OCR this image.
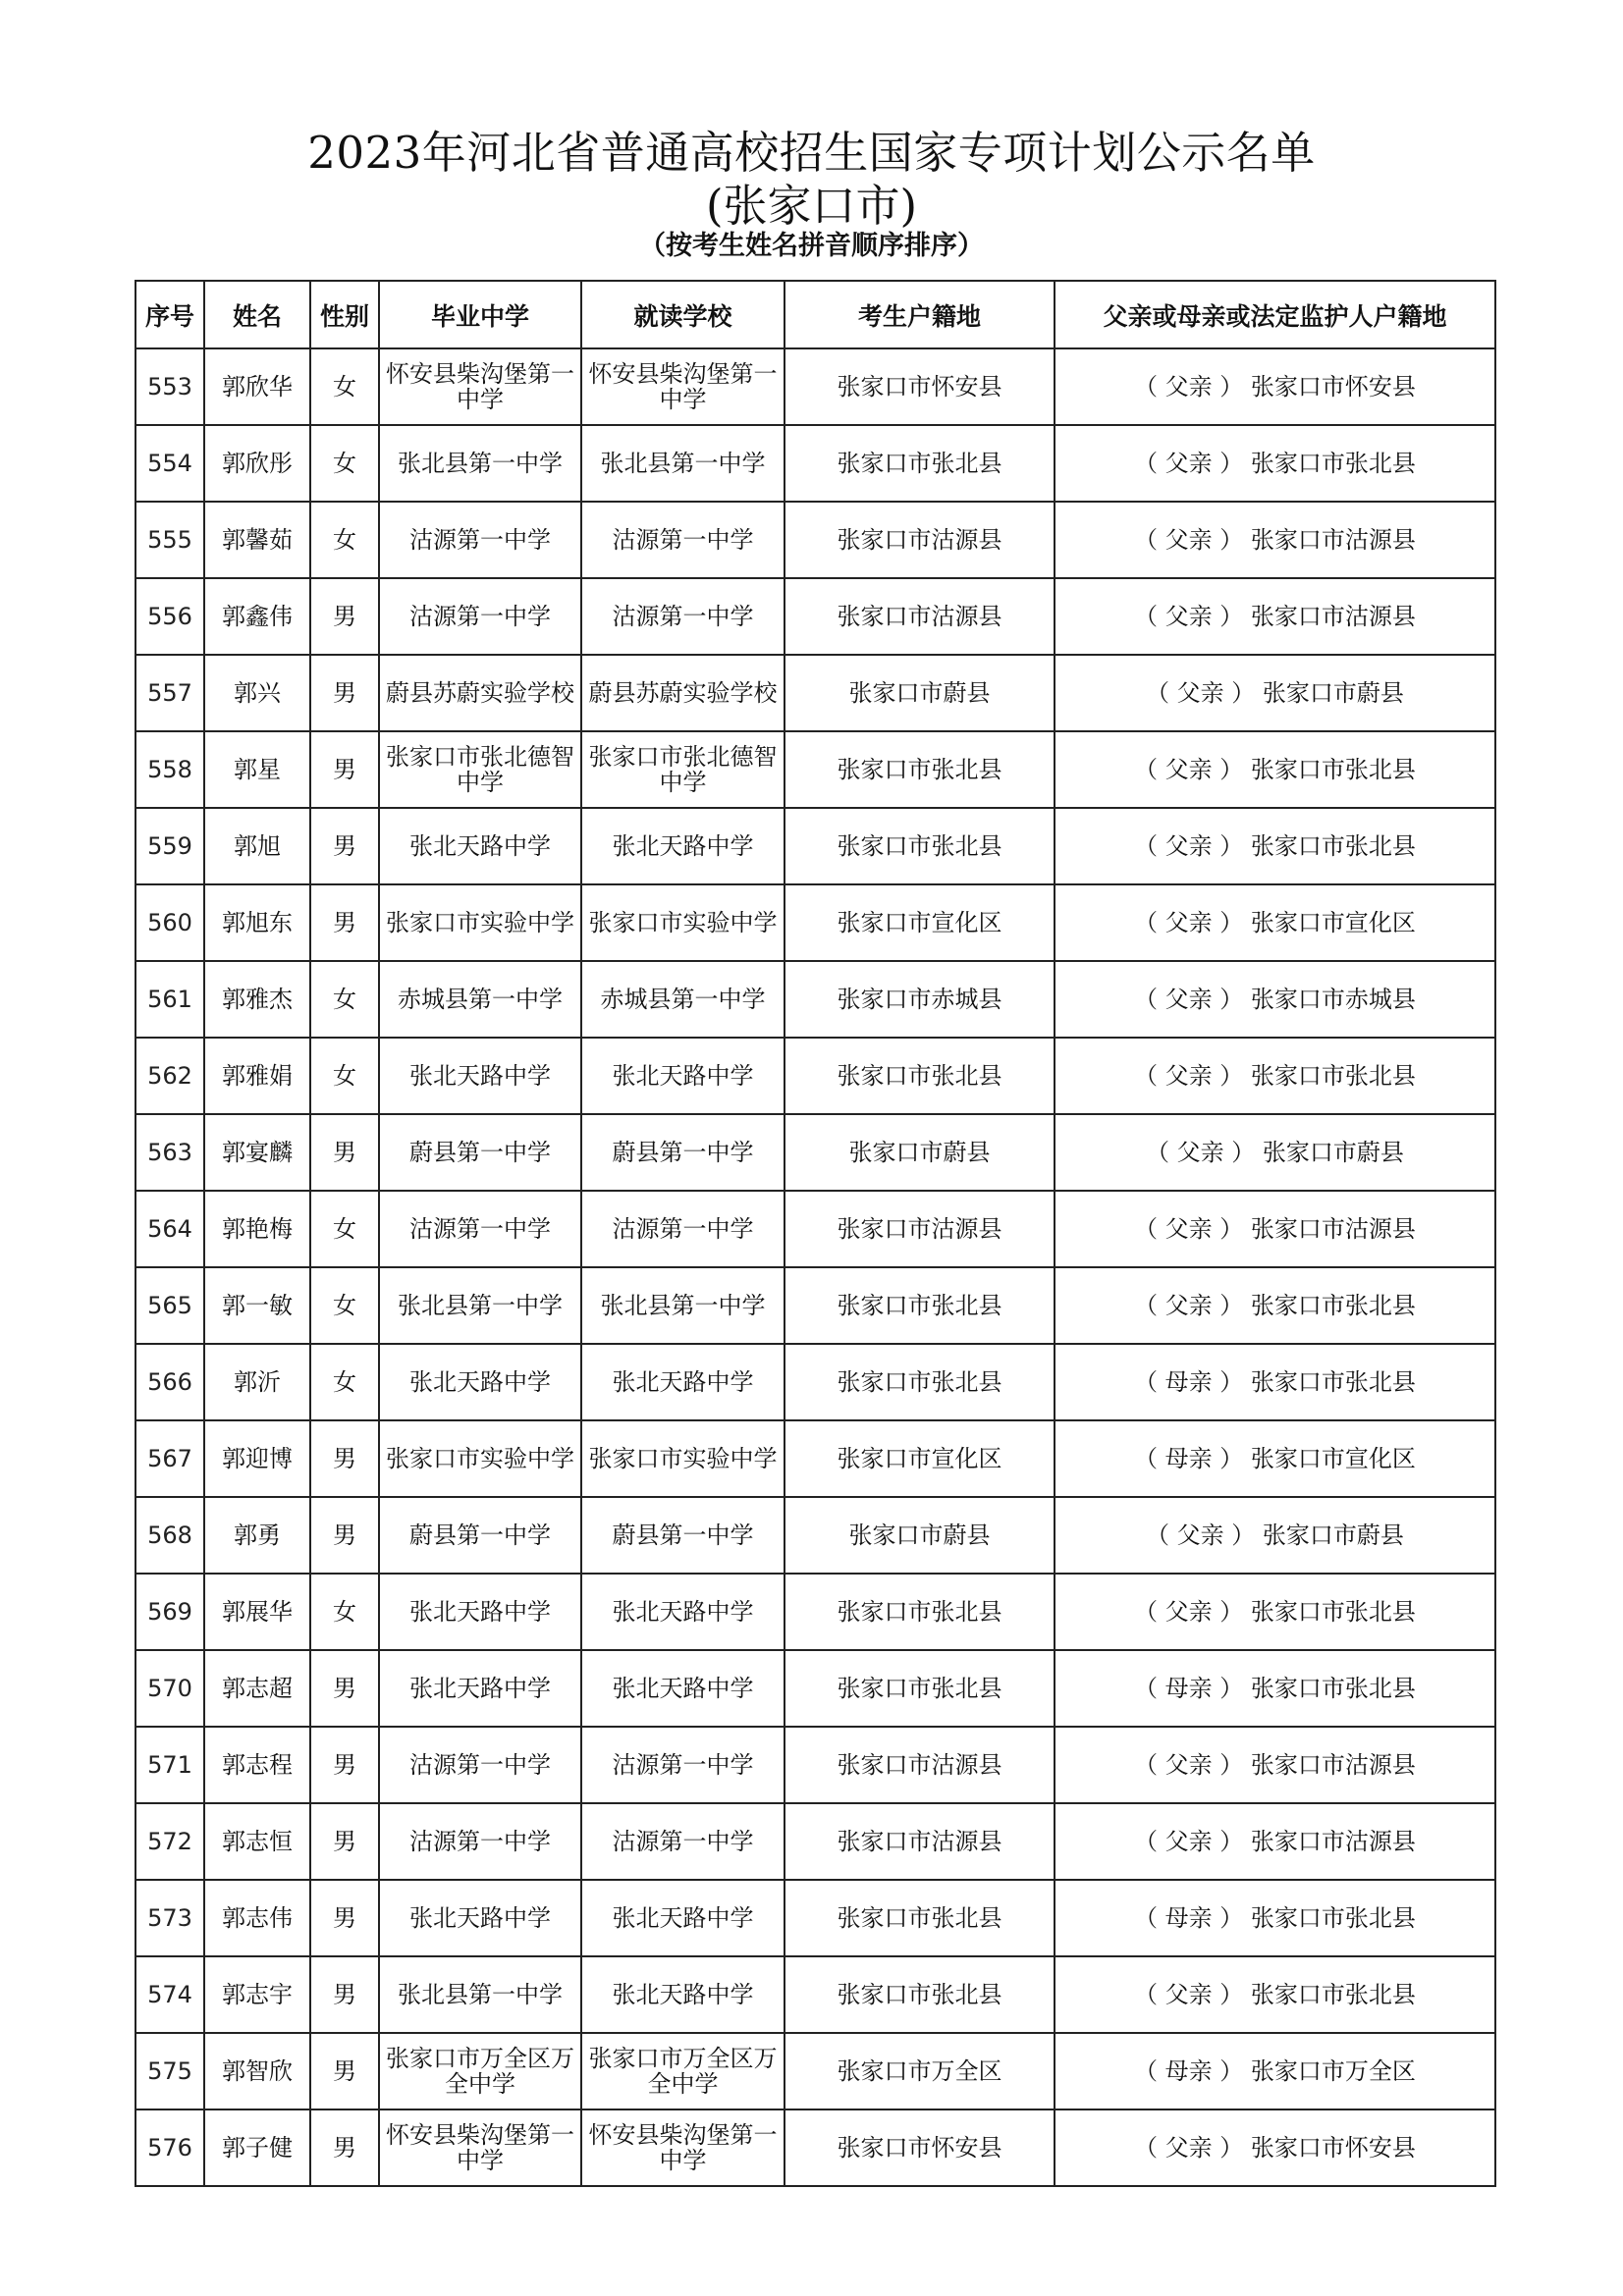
2023年河北省普通高校招生国家专项计划公示名单
(张家口市)
（按考生姓名拼音顺序排序）
序号	姓名	性别	毕业中学	就读学校	考生户籍地	父亲或母亲或法定监护人户籍地
553	郭欣华	女	怀安县柴沟堡第一中学	怀安县柴沟堡第一中学	张家口市怀安县	（ 父亲 ） 张家口市怀安县
554	郭欣彤	女	张北县第一中学	张北县第一中学	张家口市张北县	（ 父亲 ） 张家口市张北县
555	郭馨茹	女	沽源第一中学	沽源第一中学	张家口市沽源县	（ 父亲 ） 张家口市沽源县
556	郭鑫伟	男	沽源第一中学	沽源第一中学	张家口市沽源县	（ 父亲 ） 张家口市沽源县
557	郭兴	男	蔚县苏蔚实验学校	蔚县苏蔚实验学校	张家口市蔚县	（ 父亲 ） 张家口市蔚县
558	郭星	男	张家口市张北德智中学	张家口市张北德智中学	张家口市张北县	（ 父亲 ） 张家口市张北县
559	郭旭	男	张北天路中学	张北天路中学	张家口市张北县	（ 父亲 ） 张家口市张北县
560	郭旭东	男	张家口市实验中学	张家口市实验中学	张家口市宣化区	（ 父亲 ） 张家口市宣化区
561	郭雅杰	女	赤城县第一中学	赤城县第一中学	张家口市赤城县	（ 父亲 ） 张家口市赤城县
562	郭雅娟	女	张北天路中学	张北天路中学	张家口市张北县	（ 父亲 ） 张家口市张北县
563	郭宴麟	男	蔚县第一中学	蔚县第一中学	张家口市蔚县	（ 父亲 ） 张家口市蔚县
564	郭艳梅	女	沽源第一中学	沽源第一中学	张家口市沽源县	（ 父亲 ） 张家口市沽源县
565	郭一敏	女	张北县第一中学	张北县第一中学	张家口市张北县	（ 父亲 ） 张家口市张北县
566	郭沂	女	张北天路中学	张北天路中学	张家口市张北县	（ 母亲 ） 张家口市张北县
567	郭迎博	男	张家口市实验中学	张家口市实验中学	张家口市宣化区	（ 母亲 ） 张家口市宣化区
568	郭勇	男	蔚县第一中学	蔚县第一中学	张家口市蔚县	（ 父亲 ） 张家口市蔚县
569	郭展华	女	张北天路中学	张北天路中学	张家口市张北县	（ 父亲 ） 张家口市张北县
570	郭志超	男	张北天路中学	张北天路中学	张家口市张北县	（ 母亲 ） 张家口市张北县
571	郭志程	男	沽源第一中学	沽源第一中学	张家口市沽源县	（ 父亲 ） 张家口市沽源县
572	郭志恒	男	沽源第一中学	沽源第一中学	张家口市沽源县	（ 父亲 ） 张家口市沽源县
573	郭志伟	男	张北天路中学	张北天路中学	张家口市张北县	（ 母亲 ） 张家口市张北县
574	郭志宇	男	张北县第一中学	张北天路中学	张家口市张北县	（ 父亲 ） 张家口市张北县
575	郭智欣	男	张家口市万全区万全中学	张家口市万全区万全中学	张家口市万全区	（ 母亲 ） 张家口市万全区
576	郭子健	男	怀安县柴沟堡第一中学	怀安县柴沟堡第一中学	张家口市怀安县	（ 父亲 ） 张家口市怀安县
